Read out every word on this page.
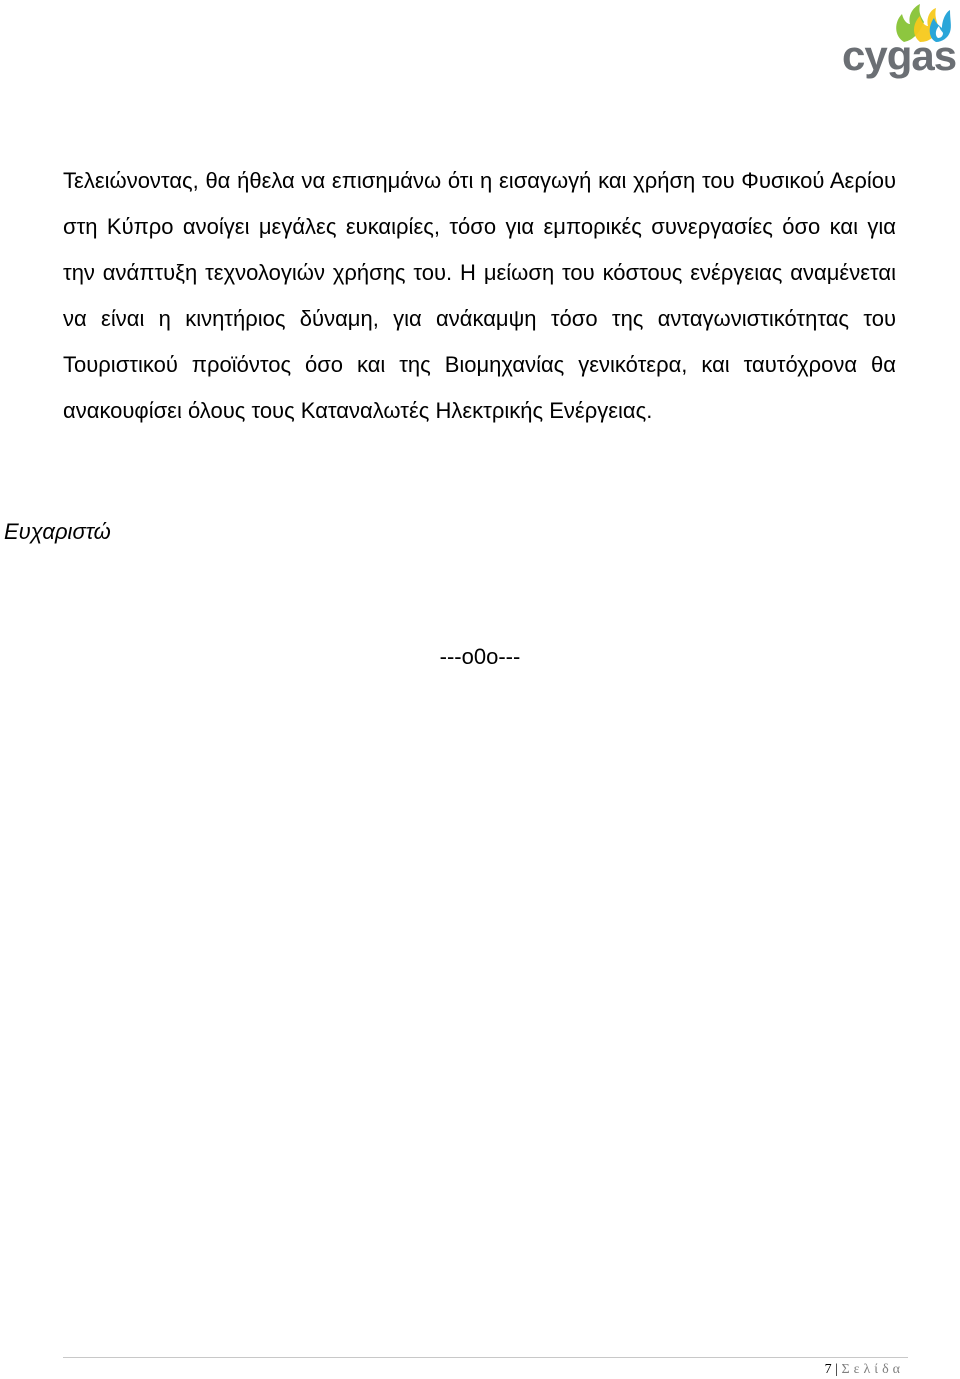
cygas

Τελειώνοντας, θα ήθελα να επισημάνω ότι η εισαγωγή και χρήση του Φυσικού Αερίου στη Κύπρο ανοίγει μεγάλες ευκαιρίες, τόσο για εμπορικές συνεργασίες όσο και για την ανάπτυξη τεχνολογιών χρήσης του. Η μείωση του κόστους ενέργειας αναμένεται να είναι η κινητήριος δύναμη, για ανάκαμψη τόσο της ανταγωνιστικότητας του Τουριστικού προϊόντος όσο και της Βιομηχανίας γενικότερα, και ταυτόχρονα θα ανακουφίσει όλους τους Καταναλωτές Ηλεκτρικής Ενέργειας.

Ευχαριστώ

---o0o---

7 | Σελίδα
